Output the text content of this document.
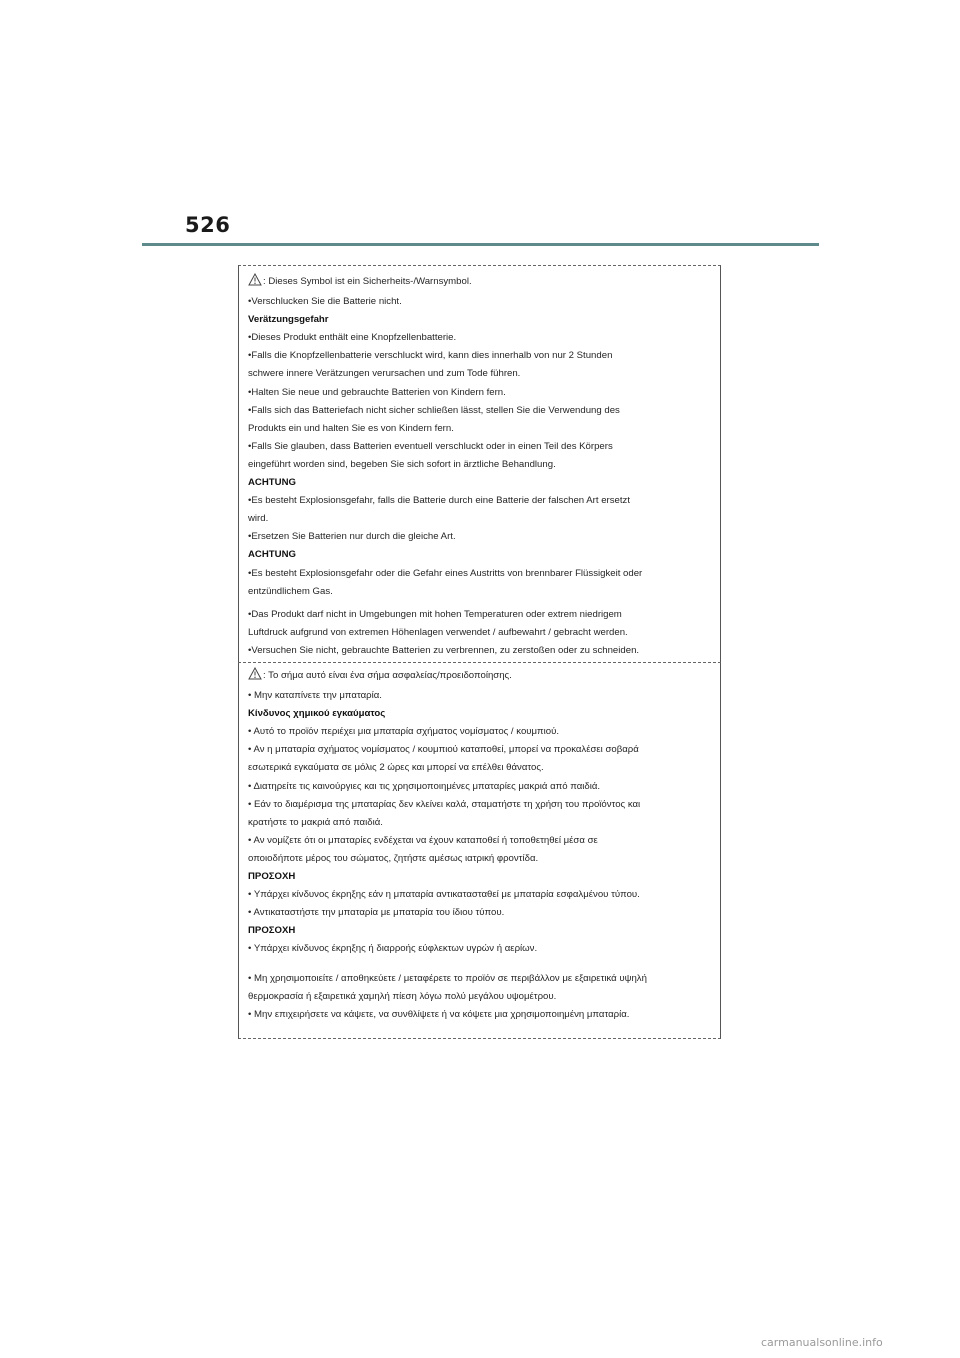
526

: Dieses Symbol ist ein Sicherheits-/Warnsymbol.

•Verschlucken Sie die Batterie nicht.

Verätzungsgefahr

•Dieses Produkt enthält eine Knopfzellenbatterie.

•Falls die Knopfzellenbatterie verschluckt wird, kann dies innerhalb von nur 2 Stunden

schwere innere Verätzungen verursachen und zum Tode führen.

•Halten Sie neue und gebrauchte Batterien von Kindern fern.

•Falls sich das Batteriefach nicht sicher schließen lässt, stellen Sie die Verwendung des

Produkts ein und halten Sie es von Kindern fern.

•Falls Sie glauben, dass Batterien eventuell verschluckt oder in einen Teil des Körpers

eingeführt worden sind, begeben Sie sich sofort in ärztliche Behandlung.

ACHTUNG

•Es besteht Explosionsgefahr, falls die Batterie durch eine Batterie der falschen Art ersetzt

wird.

•Ersetzen Sie Batterien nur durch die gleiche Art.

ACHTUNG

•Es besteht Explosionsgefahr oder die Gefahr eines Austritts von brennbarer Flüssigkeit oder

entzündlichem Gas.

•Das Produkt darf nicht in Umgebungen mit hohen Temperaturen oder extrem niedrigem

Luftdruck aufgrund von extremen Höhenlagen verwendet / aufbewahrt / gebracht werden.

•Versuchen Sie nicht, gebrauchte Batterien zu verbrennen, zu zerstoßen oder zu schneiden.

: Το σήμα αυτό είναι ένα σήμα ασφαλείας/προειδοποίησης.

• Μην καταπίνετε την μπαταρία.

Κίνδυνος χημικού εγκαύματος

• Αυτό το προϊόν περιέχει μια μπαταρία σχήματος νομίσματος / κουμπιού.

• Αν η μπαταρία σχήματος νομίσματος / κουμπιού καταποθεί, μπορεί να προκαλέσει σοβαρά

εσωτερικά εγκαύματα σε μόλις 2 ώρες και μπορεί να επέλθει θάνατος.

• Διατηρείτε τις καινούργιες και τις χρησιμοποιημένες μπαταρίες μακριά από παιδιά.

• Εάν το διαμέρισμα της μπαταρίας δεν κλείνει καλά, σταματήστε τη χρήση του προϊόντος και

κρατήστε το μακριά από παιδιά.

• Αν νομίζετε ότι οι μπαταρίες ενδέχεται να έχουν καταποθεί ή τοποθετηθεί μέσα σε

οποιοδήποτε μέρος του σώματος, ζητήστε αμέσως ιατρική φροντίδα.

ΠΡΟΣΟΧΗ

• Υπάρχει κίνδυνος έκρηξης εάν η μπαταρία αντικατασταθεί με μπαταρία εσφαλμένου τύπου.

• Αντικαταστήστε την μπαταρία με μπαταρία του ίδιου τύπου.

ΠΡΟΣΟΧΗ

• Υπάρχει κίνδυνος έκρηξης ή διαρροής εύφλεκτων υγρών ή αερίων.

• Μη χρησιμοποιείτε / αποθηκεύετε / μεταφέρετε το προϊόν σε περιβάλλον με εξαιρετικά υψηλή

θερμοκρασία ή εξαιρετικά χαμηλή πίεση λόγω πολύ μεγάλου υψομέτρου.

• Μην επιχειρήσετε να κάψετε, να συνθλίψετε ή να κόψετε μια χρησιμοποιημένη μπαταρία.

carmanualsonline.info
